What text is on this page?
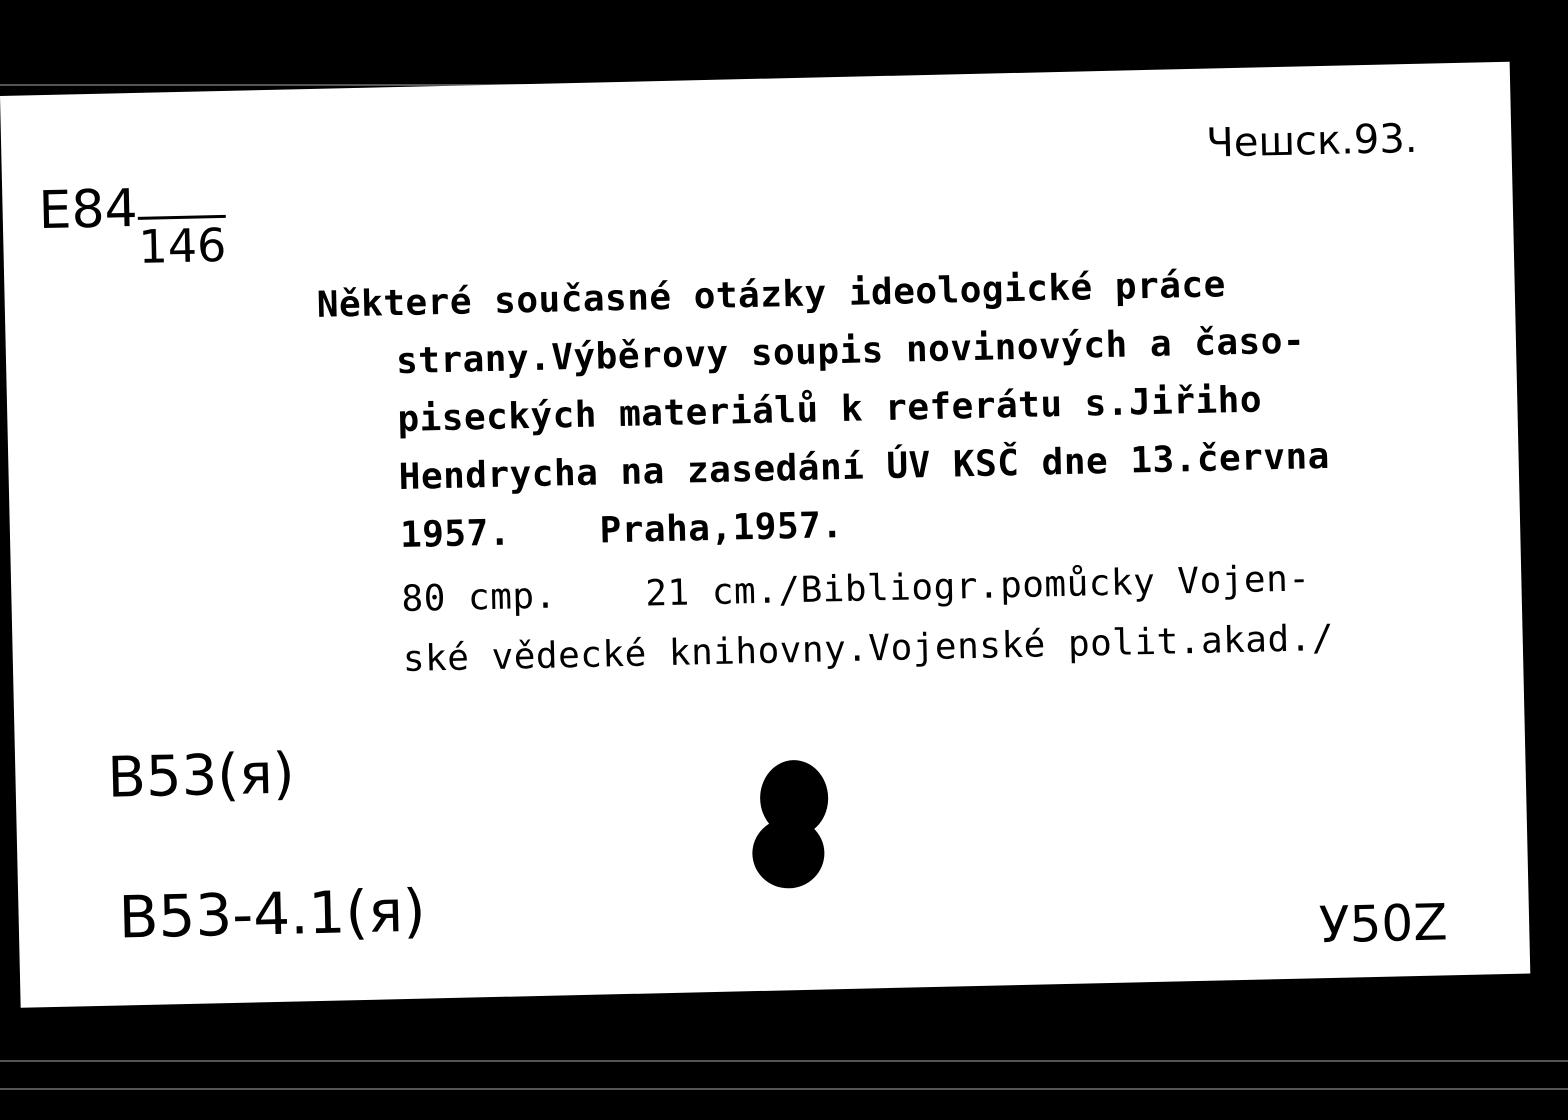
Чешск.93.
E84146
Některé současné otázky ideologické práce
strany.Výběrovy soupis novinových a časo-
piseckých materiálů k referátu s.Jiřiho
Hendrycha na zasedání ÚV KSČ dne 13.června
1957.    Praha,1957.
80 cmp.    21 cm./Bibliogr.pomůcky Vojen-
ské vědecké knihovny.Vojenské polit.akad./
B53(я)
B53-4.1(я)	У50Z
